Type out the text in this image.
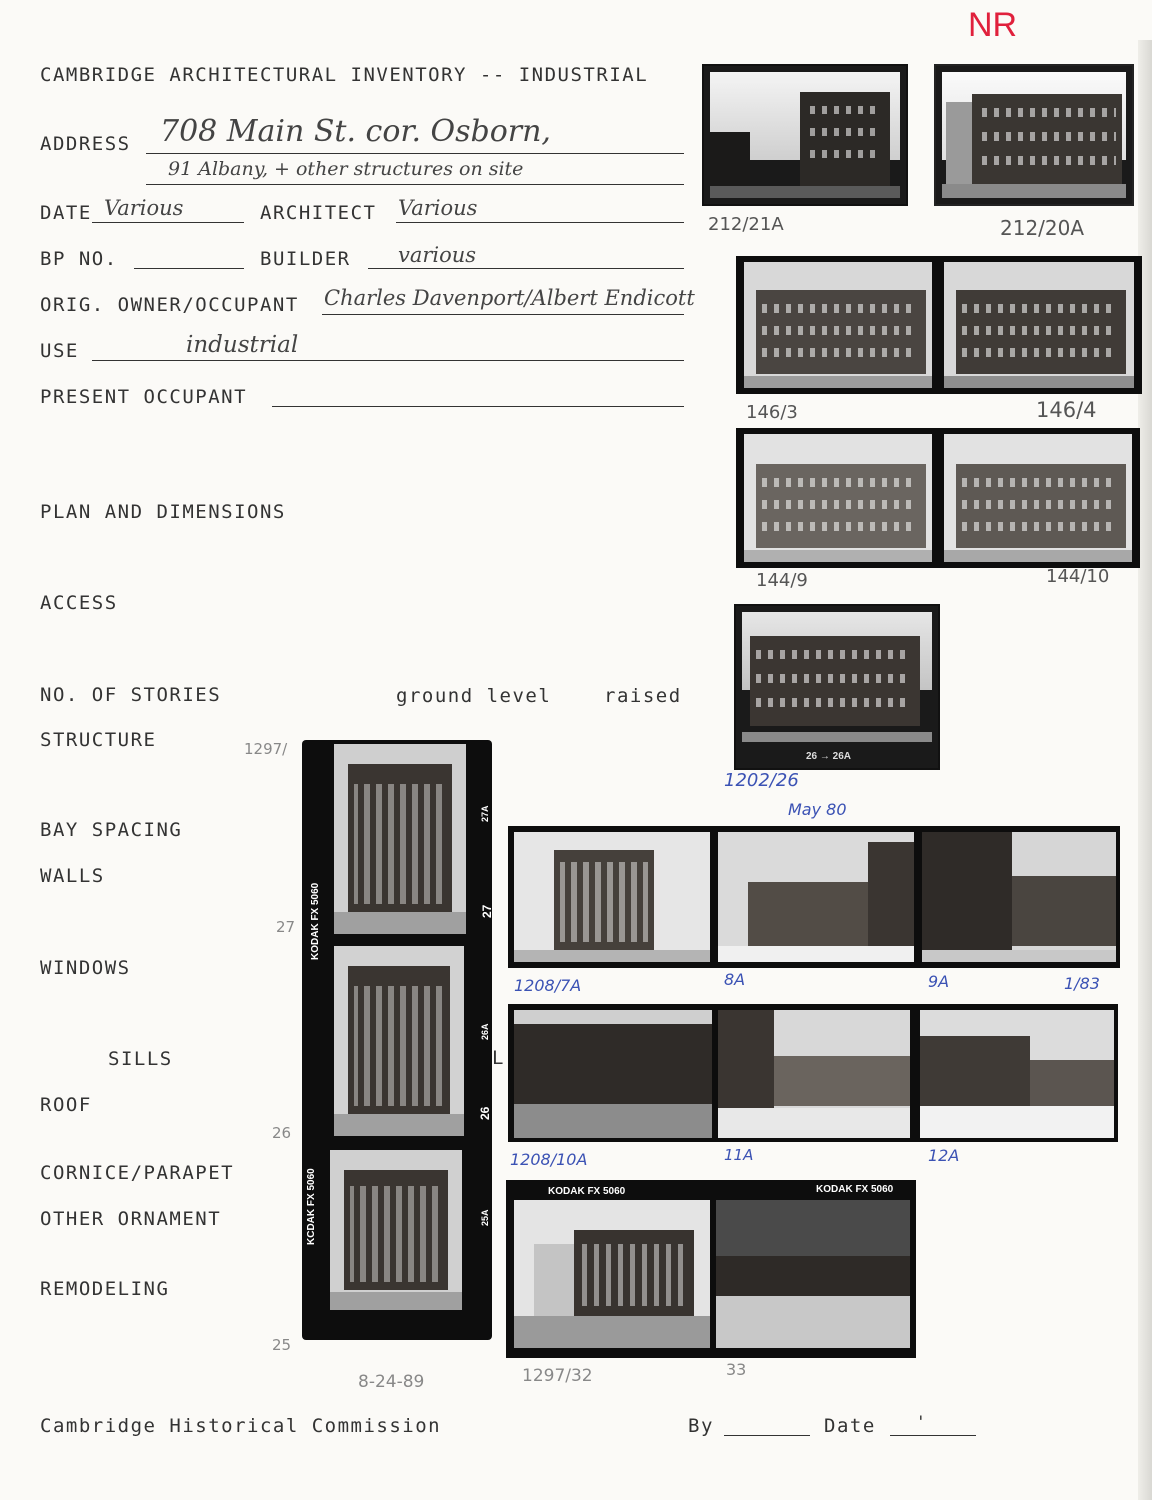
NR
CAMBRIDGE ARCHITECTURAL INVENTORY -- INDUSTRIAL
ADDRESS 708 Main St. cor. Osborn,
91 Albany, + other structures on site
DATE Various	ARCHITECT Various
BP NO.	BUILDER various
ORIG. OWNER/OCCUPANT Charles Davenport/Albert Endicott
USE	industrial
PRESENT OCCUPANT
PLAN AND DIMENSIONS
ACCESS
NO. OF STORIES	ground level	raised
STRUCTURE
BAY SPACING
WALLS
WINDOWS
SILLS
ROOF
CORNICE/PARAPET
OTHER ORNAMENT
REMODELING
L
Cambridge Historical Commission	By	Date	'
212/21A	212/20A
146/3	146/4
144/9	144/10
26 → 26A
1202/26
May 80
KODAK FX 5060
KCDAK FX 5060
27A
27
26A
26
25A
1297/
27
26
25
8-24-89
1208/7A	8A	9A	1/83
1208/10A	11A	12A
KODAK FX 5060	KODAK FX 5060
1297/32	33
